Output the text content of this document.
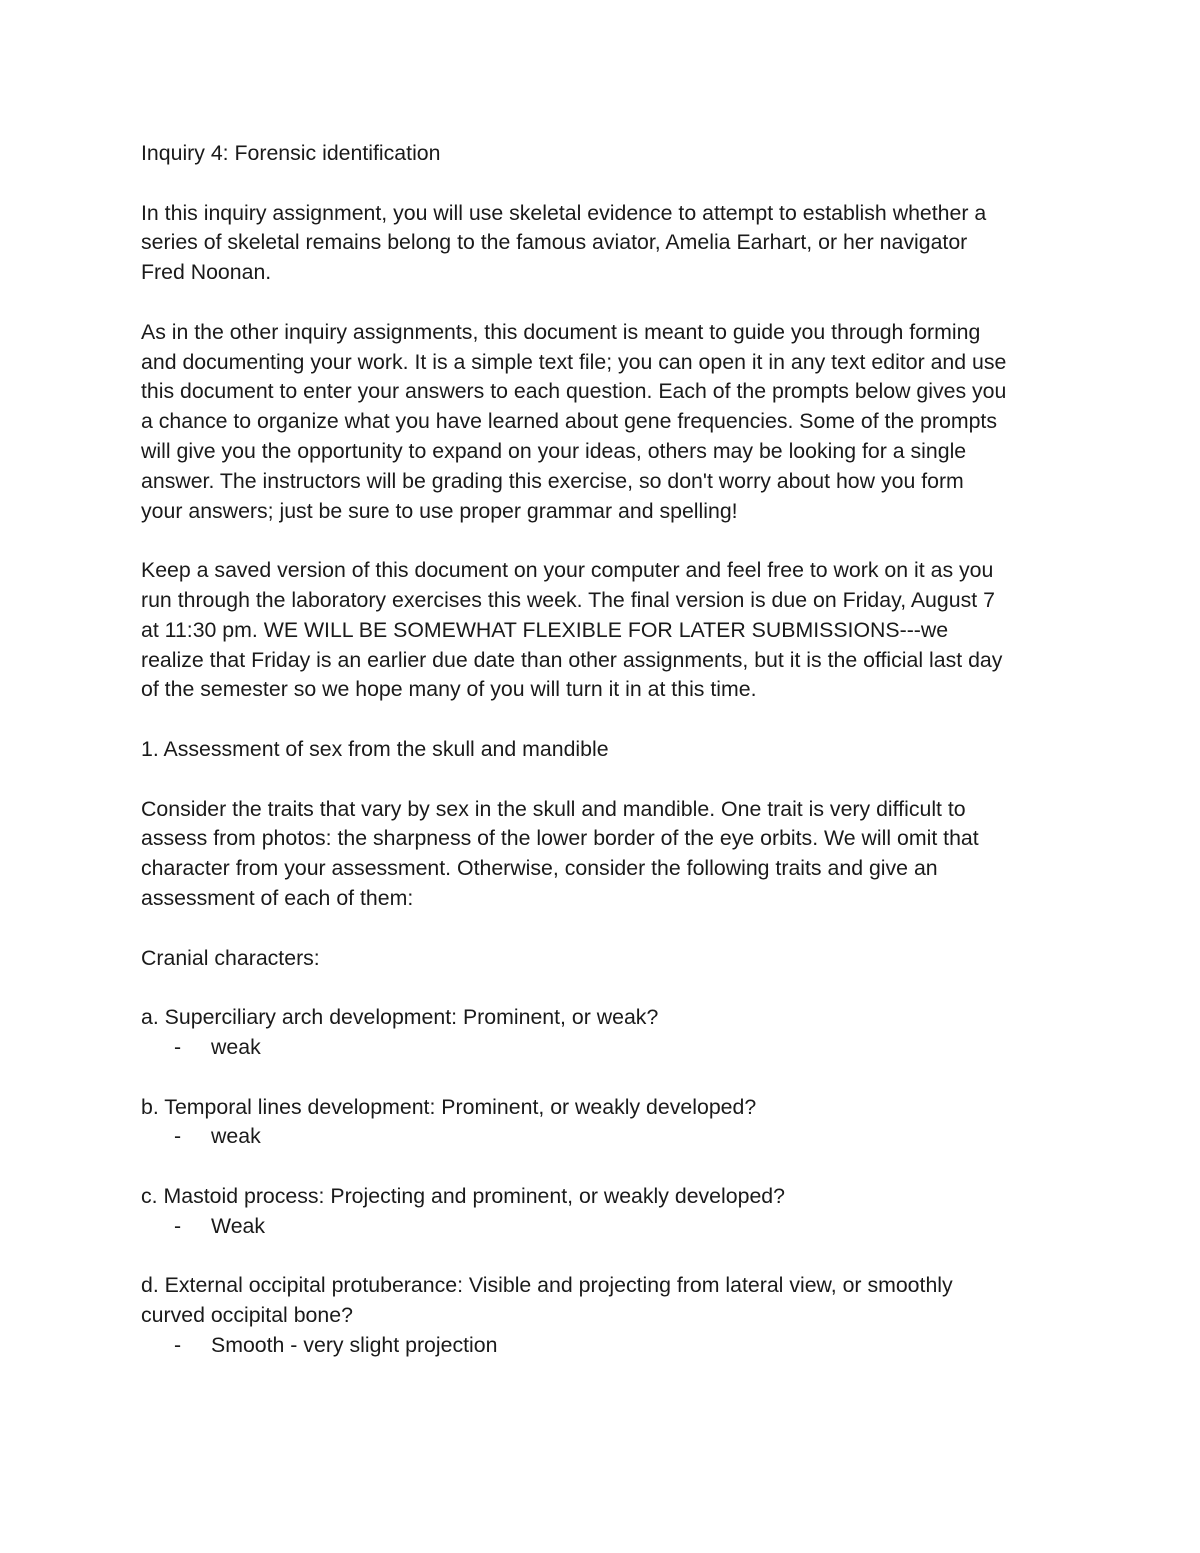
Inquiry 4: Forensic identification

In this inquiry assignment, you will use skeletal evidence to attempt to establish whether a
series of skeletal remains belong to the famous aviator, Amelia Earhart, or her navigator
Fred Noonan.

As in the other inquiry assignments, this document is meant to guide you through forming
and documenting your work. It is a simple text file; you can open it in any text editor and use
this document to enter your answers to each question. Each of the prompts below gives you
a chance to organize what you have learned about gene frequencies. Some of the prompts
will give you the opportunity to expand on your ideas, others may be looking for a single
answer. The instructors will be grading this exercise, so don't worry about how you form
your answers; just be sure to use proper grammar and spelling!

Keep a saved version of this document on your computer and feel free to work on it as you
run through the laboratory exercises this week. The final version is due on Friday, August 7
at 11:30 pm. WE WILL BE SOMEWHAT FLEXIBLE FOR LATER SUBMISSIONS---we
realize that Friday is an earlier due date than other assignments, but it is the official last day
of the semester so we hope many of you will turn it in at this time.

1. Assessment of sex from the skull and mandible

Consider the traits that vary by sex in the skull and mandible. One trait is very difficult to
assess from photos: the sharpness of the lower border of the eye orbits. We will omit that
character from your assessment. Otherwise, consider the following traits and give an
assessment of each of them:

Cranial characters:

a. Superciliary arch development: Prominent, or weak?

- weak

b. Temporal lines development: Prominent, or weakly developed?

- weak

c. Mastoid process: Projecting and prominent, or weakly developed?

- Weak

d. External occipital protuberance: Visible and projecting from lateral view, or smoothly
curved occipital bone?

- Smooth - very slight projection
